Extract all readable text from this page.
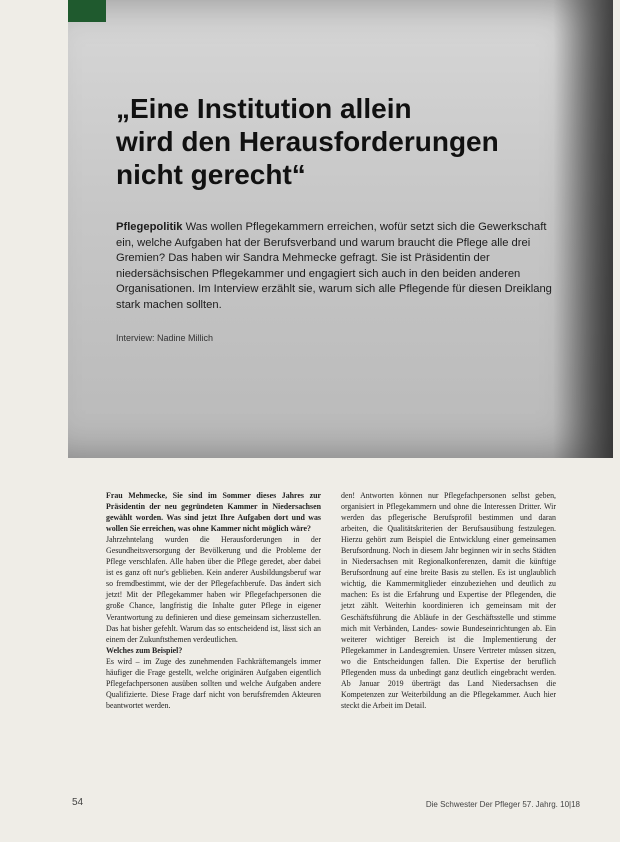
„Eine Institution allein
wird den Herausforderungen
nicht gerecht“

Pflegepolitik Was wollen Pflegekammern erreichen, wofür setzt sich die Gewerkschaft ein, welche Aufgaben hat der Berufsverband und warum braucht die Pflege alle drei Gremien? Das haben wir Sandra Mehmecke gefragt. Sie ist Präsidentin der niedersächsischen Pflegekammer und engagiert sich auch in den beiden anderen Organisationen. Im Interview erzählt sie, warum sich alle Pflegende für diesen Dreiklang stark machen sollten.

Interview: Nadine Millich

Frau Mehmecke, Sie sind im Sommer dieses Jahres zur Präsidentin der neu gegründeten Kammer in Niedersachsen gewählt worden. Was sind jetzt Ihre Aufgaben dort und was wollen Sie erreichen, was ohne Kammer nicht möglich wäre?

Jahrzehntelang wurden die Herausforderungen in der Gesundheitsversorgung der Bevölkerung und die Probleme der Pflege verschlafen. Alle haben über die Pflege geredet, aber dabei ist es ganz oft nur's geblieben. Kein anderer Ausbildungsberuf war so fremdbestimmt, wie der der Pflegefachberufe. Das ändert sich jetzt! Mit der Pflegekammer haben wir Pflegefachpersonen die große Chance, langfristig die Inhalte guter Pflege in eigener Verantwortung zu definieren und diese gemeinsam sicherzustellen. Das hat bisher gefehlt. Warum das so entscheidend ist, lässt sich an einem der Zukunftsthemen verdeutlichen.

Welches zum Beispiel?

Es wird – im Zuge des zunehmenden Fachkräftemangels immer häufiger die Frage gestellt, welche originären Aufgaben eigentlich Pflegefachpersonen ausüben sollten und welche Aufgaben andere Qualifizierte. Diese Frage darf nicht von berufsfremden Akteuren beantwortet werden.

den! Antworten können nur Pflegefachpersonen selbst geben, organisiert in Pflegekammern und ohne die Interessen Dritter. Wir werden das pflegerische Berufsprofil bestimmen und daran arbeiten, die Qualitätskriterien der Berufsausübung festzulegen. Hierzu gehört zum Beispiel die Entwicklung einer gemeinsamen Berufsordnung. Noch in diesem Jahr beginnen wir in sechs Städten in Niedersachsen mit Regionalkonferenzen, damit die künftige Berufsordnung auf eine breite Basis zu stellen. Es ist unglaublich wichtig, die Kammermitglieder einzubeziehen und deutlich zu machen: Es ist die Erfahrung und Expertise der Pflegenden, die jetzt zählt. Weiterhin koordinieren ich gemeinsam mit der Geschäftsführung die Abläufe in der Geschäftsstelle und stimme mich mit Verbänden, Landes- sowie Bundeseinrichtungen ab. Ein weiterer wichtiger Bereich ist die Implementierung der Pflegekammer in Landesgremien. Unsere Vertreter müssen sitzen, wo die Entscheidungen fallen. Die Expertise der beruflich Pflegenden muss da unbedingt ganz deutlich eingebracht werden. Ab Januar 2019 überträgt das Land Niedersachsen die Kompetenzen zur Weiterbildung an die Pflegekammer. Auch hier steckt die Arbeit im Detail.

54	Die Schwester Der Pfleger 57. Jahrg. 10|18
